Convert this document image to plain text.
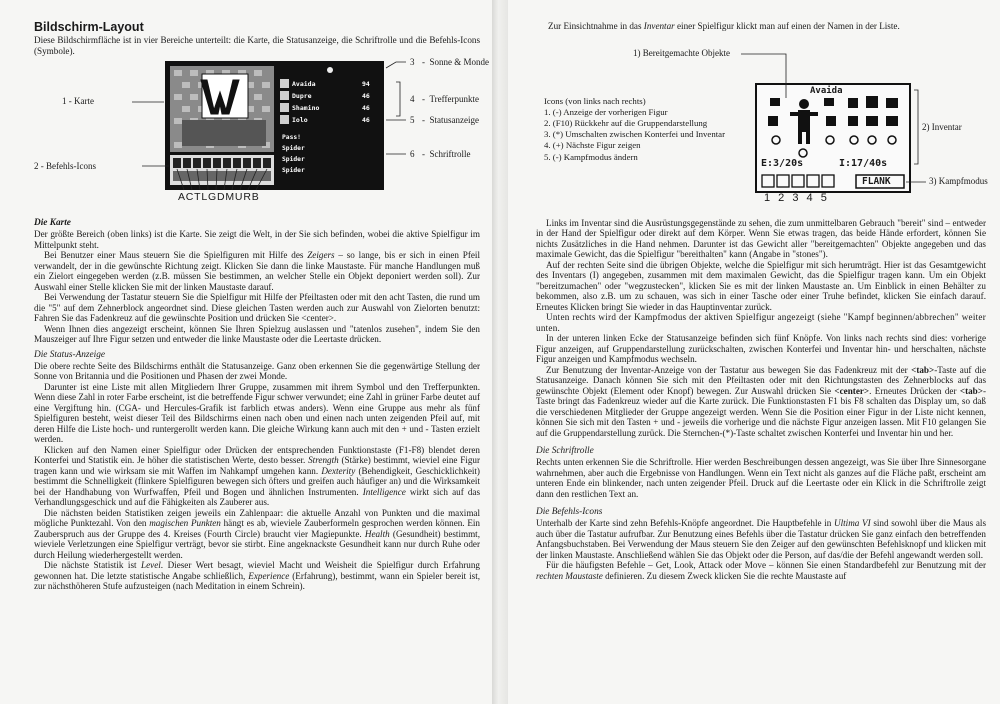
Bildschirm-Layout

Diese Bildschirmfläche ist in vier Bereiche unterteilt: die Karte, die Statusanzeige, die Schriftrolle und die Befehls-Icons (Symbole).

Avaida
Dupre
Shamino
Iolo
94
46
46
46
Pass!
Spider
Spider
Spider
1 - Karte
2 - Befehls-Icons
3 -  Sonne & Monde
4 -  Trefferpunkte
5 -  Statusanzeige
6 -  Schriftrolle
ACTLGDMURB
Die Karte

Der größte Bereich (oben links) ist die Karte. Sie zeigt die Welt, in der Sie sich befinden, wobei die aktive Spielfigur im Mittelpunkt steht.

Bei Benutzer einer Maus steuern Sie die Spielfiguren mit Hilfe des Zeigers – so lange, bis er sich in einen Pfeil verwandelt, der in die gewünschte Richtung zeigt. Klicken Sie dann die linke Maustaste. Für manche Handlungen muß ein Zielort eingegeben werden (z.B. müssen Sie bestimmen, an welcher Stelle ein Objekt deponiert werden soll). Zur Auswahl einer Stelle klicken Sie mit der linken Maustaste darauf.

Bei Verwendung der Tastatur steuern Sie die Spielfigur mit Hilfe der Pfeiltasten oder mit den acht Tasten, die rund um die "5" auf dem Zehnerblock angeordnet sind. Diese gleichen Tasten werden auch zur Auswahl von Zielorten benutzt: Fahren Sie das Fadenkreuz auf die gewünschte Position und drücken Sie <center>.

Wenn Ihnen dies angezeigt erscheint, können Sie Ihren Spielzug auslassen und "tatenlos zusehen", indem Sie den Mauszeiger auf Ihre Figur setzen und entweder die linke Maustaste oder die Leertaste drücken.

Die Status-Anzeige

Die obere rechte Seite des Bildschirms enthält die Statusanzeige. Ganz oben erkennen Sie die gegenwärtige Stellung der Sonne von Britannia und die Positionen und Phasen der zwei Monde.

Darunter ist eine Liste mit allen Mitgliedern Ihrer Gruppe, zusammen mit ihrem Symbol und den Trefferpunkten. Wenn diese Zahl in roter Farbe erscheint, ist die betreffende Figur schwer verwundet; eine Zahl in grüner Farbe deutet auf eine Vergiftung hin. (CGA- und Hercules-Grafik ist farblich etwas anders). Wenn eine Gruppe aus mehr als fünf Spielfiguren besteht, weist dieser Teil des Bildschirms einen nach oben und einen nach unten zeigenden Pfeil auf, mit deren Hilfe die Liste hoch- und runtergerollt werden kann. Die gleiche Wirkung kann auch mit den + und - Tasten erzielt werden.

Klicken auf den Namen einer Spielfigur oder Drücken der entsprechenden Funktionstaste (F1-F8) blendet deren Konterfei und Statistik ein. Je höher die statistischen Werte, desto besser. Strength (Stärke) bestimmt, wieviel eine Figur tragen kann und wie wirksam sie mit Waffen im Nahkampf umgehen kann. Dexterity (Behendigkeit, Geschicklichkeit) bestimmt die Schnelligkeit (flinkere Spielfiguren bewegen sich öfters und greifen auch häufiger an) und die Wirksamkeit bei der Handhabung von Wurfwaffen, Pfeil und Bogen und ähnlichen Instrumenten. Intelligence wirkt sich auf das Verhandlungsgeschick und auf die Fähigkeiten als Zauberer aus.

Die nächsten beiden Statistiken zeigen jeweils ein Zahlenpaar: die aktuelle Anzahl von Punkten und die maximal mögliche Punktezahl. Von den magischen Punkten hängt es ab, wieviele Zauberformeln gesprochen werden können. Ein Zauberspruch aus der Gruppe des 4. Kreises (Fourth Circle) braucht vier Magiepunkte. Health (Gesundheit) bestimmt, wieviele Verletzungen eine Spielfigur verträgt, bevor sie stirbt. Eine angeknackste Gesundheit kann nur durch Ruhe oder durch Heilung wiederhergestellt werden.

Die nächste Statistik ist Level. Dieser Wert besagt, wieviel Macht und Weisheit die Spielfigur durch Erfahrung gewonnen hat. Die letzte statistische Angabe schließlich, Experience (Erfahrung), bestimmt, wann ein Spieler bereit ist, zur nächsthöheren Stufe aufzusteigen (nach Meditation in einem Schrein).

Zur Einsichtnahme in das Inventar einer Spielfigur klickt man auf einen der Namen in der Liste.

1) Bereitgemachte Objekte
Avaida
Icons (von links nach rechts)
1. (-) Anzeige der vorherigen Figur
2. (F10) Rückkehr auf die Gruppendarstellung
3. (*) Umschalten zwischen Konterfei und Inventar
4. (+) Nächste Figur zeigen
5. (-) Kampfmodus ändern
2) Inventar
E:3/20s	I:17/40s
FLANK	3) Kampfmodus
1 2 3 4 5

Links im Inventar sind die Ausrüstungsgegenstände zu sehen, die zum unmittelbaren Gebrauch "bereit" sind – entweder in der Hand der Spielfigur oder direkt auf dem Körper. Wenn Sie etwas tragen, das beide Hände erfordert, können Sie nichts Zusätzliches in die Hand nehmen. Darunter ist das Gewicht aller "bereitgemachten" Objekte angegeben und das maximale Gewicht, das die Spielfigur "bereithalten" kann (Angabe in "stones").

Auf der rechten Seite sind die übrigen Objekte, welche die Spielfigur mit sich herumträgt. Hier ist das Gesamtgewicht des Inventars (I) angegeben, zusammen mit dem maximalen Gewicht, das die Spielfigur tragen kann. Um ein Objekt "bereitzumachen" oder "wegzustecken", klicken Sie es mit der linken Maustaste an. Um Einblick in einen Behälter zu bekommen, also z.B. um zu schauen, was sich in einer Tasche oder einer Truhe befindet, klicken Sie einfach darauf. Erneutes Klicken bringt Sie wieder in das Hauptinventar zurück.

Unten rechts wird der Kampfmodus der aktiven Spielfigur angezeigt (siehe "Kampf beginnen/abbrechen" weiter unten.

In der unteren linken Ecke der Statusanzeige befinden sich fünf Knöpfe. Von links nach rechts sind dies: vorherige Figur anzeigen, auf Gruppendarstellung zurückschalten, zwischen Konterfei und Inventar hin- und herschalten, nächste Figur anzeigen und Kampfmodus wechseln.

Zur Benutzung der Inventar-Anzeige von der Tastatur aus bewegen Sie das Fadenkreuz mit der <tab>-Taste auf die Statusanzeige. Danach können Sie sich mit den Pfeiltasten oder mit den Richtungstasten des Zehnerblocks auf das gewünschte Objekt (Element oder Knopf) bewegen. Zur Auswahl drücken Sie <center>. Erneutes Drücken der <tab>-Taste bringt das Fadenkreuz wieder auf die Karte zurück. Die Funktionstasten F1 bis F8 schalten das Display um, so daß die verschiedenen Mitglieder der Gruppe angezeigt werden. Wenn Sie die Position einer Figur in der Liste nicht kennen, können Sie sich mit den Tasten + und - jeweils die vorherige und die nächste Figur anzeigen lassen. Mit F10 gelangen Sie auf die Gruppendarstellung zurück. Die Sternchen-(*)-Taste schaltet zwischen Konterfei und Inventar hin und her.

Die Schriftrolle

Rechts unten erkennen Sie die Schriftrolle. Hier werden Beschreibungen dessen angezeigt, was Sie über Ihre Sinnesorgane wahrnehmen, aber auch die Ergebnisse von Handlungen. Wenn ein Text nicht als ganzes auf die Fläche paßt, erscheint am unteren Ende ein blinkender, nach unten zeigender Pfeil. Druck auf die Leertaste oder ein Klick in die Schriftrolle zeigt dann den restlichen Text an.

Die Befehls-Icons

Unterhalb der Karte sind zehn Befehls-Knöpfe angeordnet. Die Hauptbefehle in Ultima VI sind sowohl über die Maus als auch über die Tastatur aufrufbar. Zur Benutzung eines Befehls über die Tastatur drücken Sie ganz einfach den betreffenden Anfangsbuchstaben. Bei Verwendung der Maus steuern Sie den Zeiger auf den gewünschten Befehlsknopf und klicken mit der linken Maustaste. Anschließend wählen Sie das Objekt oder die Person, auf das/die der Befehl angewandt werden soll.

Für die häufigsten Befehle – Get, Look, Attack oder Move – können Sie einen Standardbefehl zur Benutzung mit der rechten Maustaste definieren. Zu diesem Zweck klicken Sie die rechte Maustaste auf
